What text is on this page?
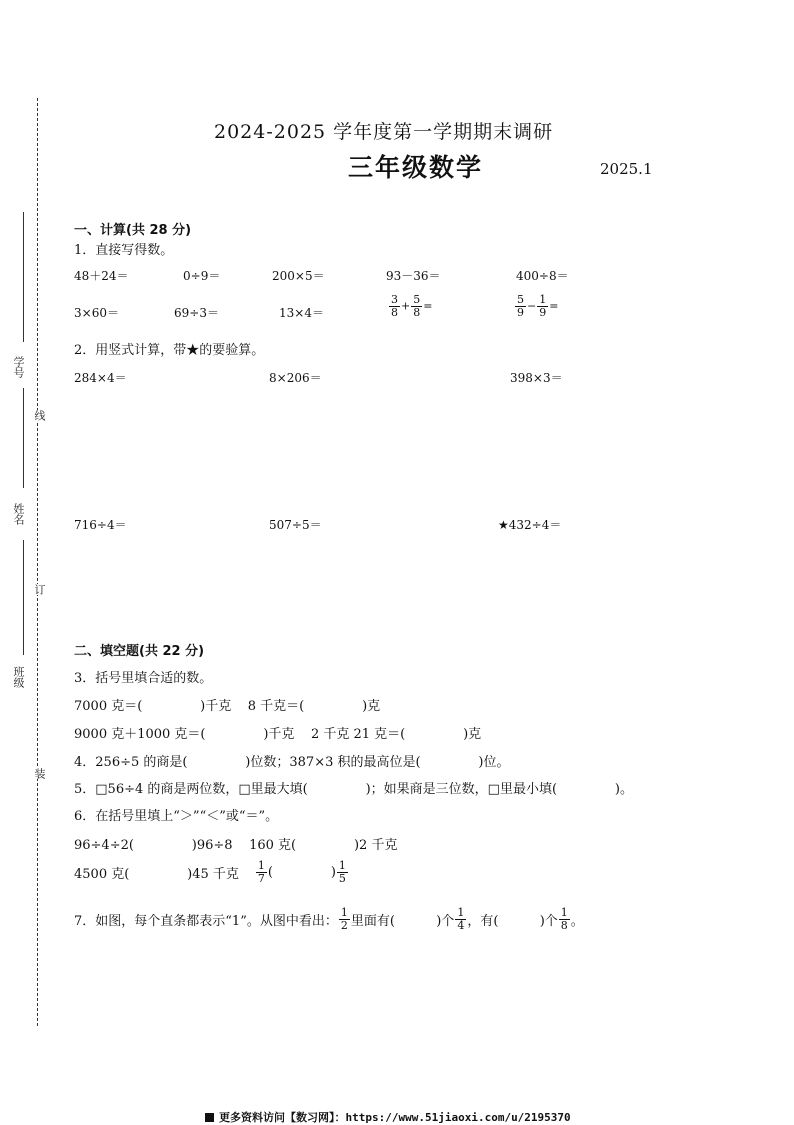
学号
姓名
班级
线
订
装
2024-2025 学年度第一学期期末调研
三年级数学	2025.1
一、计算(共 28 分)
1．直接写得数。
48＋24＝	0÷9＝	200×5＝	93－36＝	400÷8＝
3×60＝	69÷3＝	13×4＝	$\frac{3}{8} + \frac{5}{8}$ =	$\frac{5}{9} - \frac{1}{9}$ =
2．用竖式计算，带★的要验算。
284×4＝	8×206＝	398×3＝
716÷4＝	507÷5＝	★432÷4＝
二、填空题(共 22 分)
3．括号里填合适的数。
7000 克＝(              )千克    8 千克＝(              )克
9000 克＋1000 克＝(              )千克    2 千克 21 克＝(              )克
4．256÷5 的商是(              )位数；387×3 积的最高位是(              )位。
5．□56÷4 的商是两位数，□里最大填(              )；如果商是三位数，□里最小填(              )。
6．在括号里填上“＞”“＜”或“＝”。
96÷4÷2(              )96÷8    160 克(              )2 千克
4500 克(              )45 千克 $\frac{1}{7}$ (              ) $\frac{1}{5}$
7．如图，每个直条都表示“1”。从图中看出： $\frac{1}{2}$ 里面有(          )个 $\frac{1}{4}$ ，有(          )个 $\frac{1}{8}$ 。
更多资料访问【数习网】：https://www.51jiaoxi.com/u/2195370
